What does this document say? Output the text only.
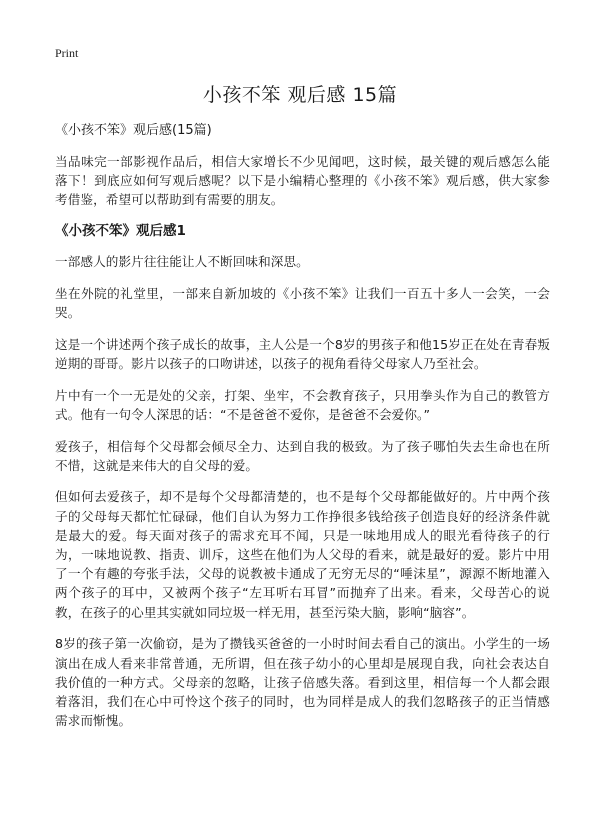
Print
小孩不笨 观后感 15篇

《小孩不笨》观后感(15篇)

当品味完一部影视作品后，相信大家增长不少见闻吧，这时候，最关键的观后感怎么能落下！到底应如何写观后感呢？以下是小编精心整理的《小孩不笨》观后感，供大家参考借鉴，希望可以帮助到有需要的朋友。

《小孩不笨》观后感1

一部感人的影片往往能让人不断回味和深思。

坐在外院的礼堂里，一部来自新加坡的《小孩不笨》让我们一百五十多人一会笑，一会哭。

这是一个讲述两个孩子成长的故事，主人公是一个8岁的男孩子和他15岁正在处在青春叛逆期的哥哥。影片以孩子的口吻讲述，以孩子的视角看待父母家人乃至社会。

片中有一个一无是处的父亲，打架、坐牢，不会教育孩子，只用拳头作为自己的教管方式。他有一句令人深思的话：“不是爸爸不爱你，是爸爸不会爱你。”

爱孩子，相信每个父母都会倾尽全力、达到自我的极致。为了孩子哪怕失去生命也在所不惜，这就是来伟大的自父母的爱。

但如何去爱孩子，却不是每个父母都清楚的，也不是每个父母都能做好的。片中两个孩子的父母每天都忙忙碌碌，他们自认为努力工作挣很多钱给孩子创造良好的经济条件就是最大的爱。每天面对孩子的需求充耳不闻，只是一味地用成人的眼光看待孩子的行为，一味地说教、指责、训斥，这些在他们为人父母的看来，就是最好的爱。影片中用了一个有趣的夸张手法，父母的说教被卡通成了无穷无尽的“唾沫星”，源源不断地灌入两个孩子的耳中，又被两个孩子“左耳听右耳冒”而抛弃了出来。看来，父母苦心的说教，在孩子的心里其实就如同垃圾一样无用，甚至污染大脑，影响“脑容”。

8岁的孩子第一次偷窃，是为了攒钱买爸爸的一小时时间去看自己的演出。小学生的一场演出在成人看来非常普通，无所谓，但在孩子幼小的心里却是展现自我，向社会表达自我价值的一种方式。父母亲的忽略，让孩子倍感失落。看到这里，相信每一个人都会跟着落泪，我们在心中可怜这个孩子的同时，也为同样是成人的我们忽略孩子的正当情感需求而惭愧。
